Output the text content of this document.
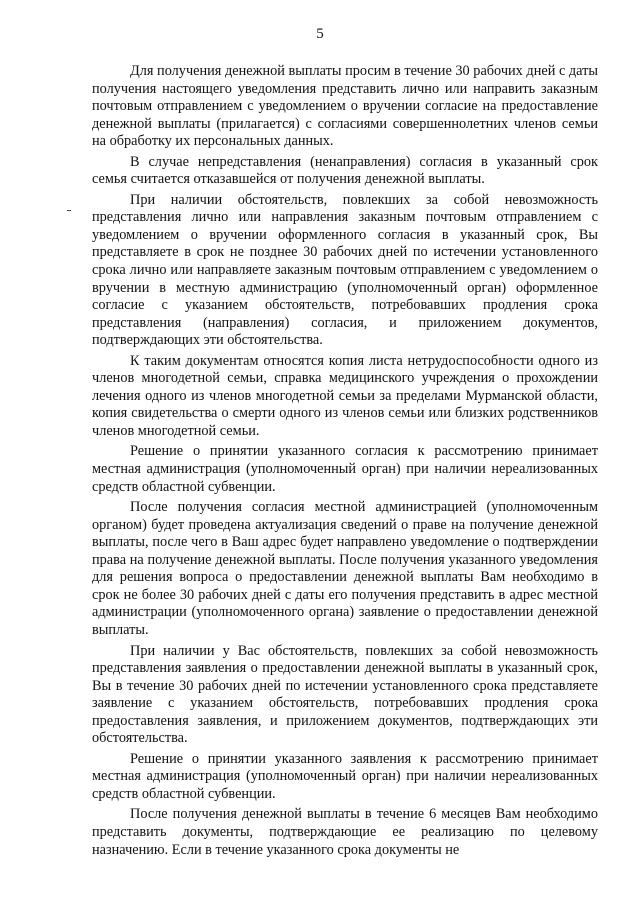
5

Для получения денежной выплаты просим в течение 30 рабочих дней с даты получения настоящего уведомления представить лично или направить заказным почтовым отправлением с уведомлением о вручении согласие на предоставление денежной выплаты (прилагается) с согласиями совершеннолетних членов семьи на обработку их персональных данных.

В случае непредставления (ненаправления) согласия в указанный срок семья считается отказавшейся от получения денежной выплаты.

При наличии обстоятельств, повлекших за собой невозможность представления лично или направления заказным почтовым отправлением с уведомлением о вручении оформленного согласия в указанный срок, Вы представляете в срок не позднее 30 рабочих дней по истечении установленного срока лично или направляете заказным почтовым отправлением с уведомлением о вручении в местную администрацию (уполномоченный орган) оформленное согласие с указанием обстоятельств, потребовавших продления срока представления (направления) согласия, и приложением документов, подтверждающих эти обстоятельства.

К таким документам относятся копия листа нетрудоспособности одного из членов многодетной семьи, справка медицинского учреждения о прохождении лечения одного из членов многодетной семьи за пределами Мурманской области, копия свидетельства о смерти одного из членов семьи или близких родственников членов многодетной семьи.

Решение о принятии указанного согласия к рассмотрению принимает местная администрация (уполномоченный орган) при наличии нереализованных средств областной субвенции.

После получения согласия местной администрацией (уполномоченным органом) будет проведена актуализация сведений о праве на получение денежной выплаты, после чего в Ваш адрес будет направлено уведомление о подтверждении права на получение денежной выплаты. После получения указанного уведомления для решения вопроса о предоставлении денежной выплаты Вам необходимо в срок не более 30 рабочих дней с даты его получения представить в адрес местной администрации (уполномоченного органа) заявление о предоставлении денежной выплаты.

При наличии у Вас обстоятельств, повлекших за собой невозможность представления заявления о предоставлении денежной выплаты в указанный срок, Вы в течение 30 рабочих дней по истечении установленного срока представляете заявление с указанием обстоятельств, потребовавших продления срока предоставления заявления, и приложением документов, подтверждающих эти обстоятельства.

Решение о принятии указанного заявления к рассмотрению принимает местная администрация (уполномоченный орган) при наличии нереализованных средств областной субвенции.

После получения денежной выплаты в течение 6 месяцев Вам необходимо представить документы, подтверждающие ее реализацию по целевому назначению. Если в течение указанного срока документы не
